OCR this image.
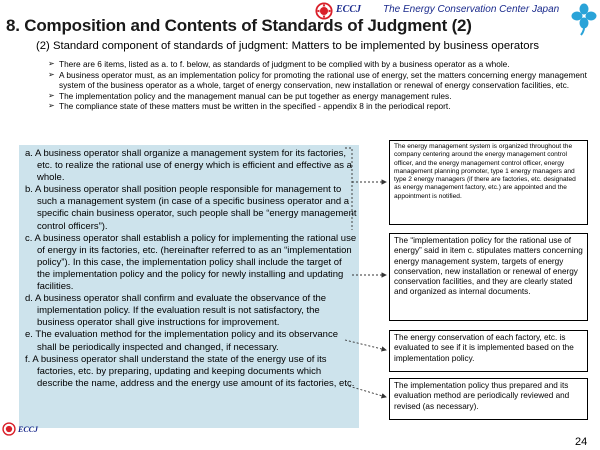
ECCJ The Energy Conservation Center Japan
8. Composition and Contents of Standards of Judgment (2)
(2) Standard component of standards of judgment: Matters to be implemented by business operators
➢ There are 6 items, listed as a. to f. below, as standards of judgment to be complied with by a business operator as a whole.
➢ A business operator must, as an implementation policy for promoting the rational use of energy, set the matters concerning energy management system of the business operator as a whole, target of energy conservation, new installation or renewal of energy conservation facilities, etc.
➢ The implementation policy and the management manual can be put together as energy management rules.
➢ The compliance state of these matters must be written in the specified - appendix 8 in the periodical report.

a. A business operator shall organize a management system for its factories, etc. to realize the rational use of energy which is efficient and effective as a whole.

b. A business operator shall position people responsible for management to such a management system (in case of a specific business operator and a specific chain business operator, such people shall be “energy management control officers”).

c. A business operator shall establish a policy for implementing the rational use of energy in its factories, etc. (hereinafter referred to as an “implementation policy”). In this case, the implementation policy shall include the target of the implementation policy and the policy for newly installing and updating facilities.

d. A business operator shall confirm and evaluate the observance of the implementation policy. If the evaluation result is not satisfactory, the business operator shall give instructions for improvement.

e. The evaluation method for the implementation policy and its observance shall be periodically inspected and changed, if necessary.

f. A business operator shall understand the state of the energy use of its factories, etc. by preparing, updating and keeping documents which describe the name, address and the energy use amount of its factories, etc.

The energy management system is organized throughout the company centering around the energy management control officer, and the energy management control officer, energy management planning promoter, type 1 energy managers and type 2 energy managers (if there are factories, etc. designated as energy management factory, etc.) are appointed and the appointment is notified.
The “implementation policy for the rational use of energy” said in item c. stipulates matters concerning energy management system, targets of energy conservation, new installation or renewal of energy conservation facilities, and they are clearly stated and organized as internal documents.
The energy conservation of each factory, etc. is evaluated to see if it is implemented based on the implementation policy.
The implementation policy thus prepared and its evaluation method are periodically reviewed and revised (as necessary).
ECCJ
24
